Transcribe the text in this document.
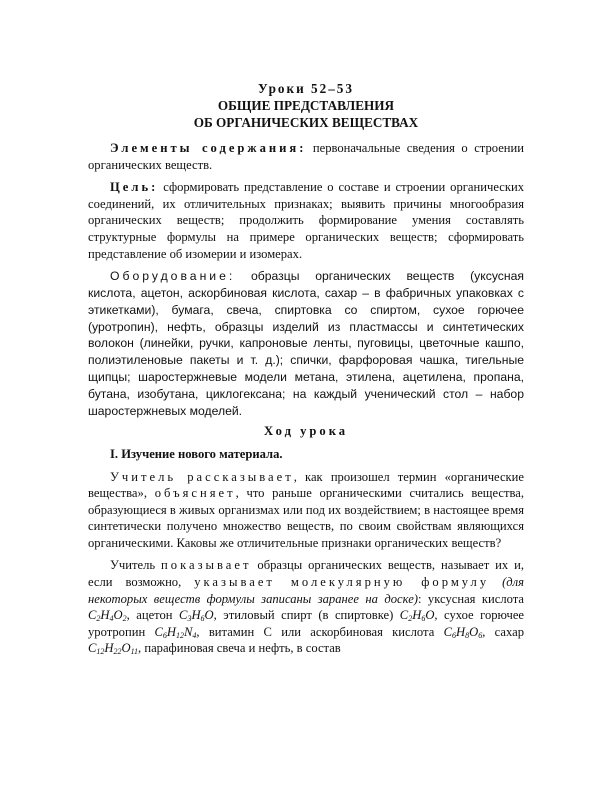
Уроки 52–53
ОБЩИЕ ПРЕДСТАВЛЕНИЯ
ОБ ОРГАНИЧЕСКИХ ВЕЩЕСТВАХ

Элементы содержания: первоначальные сведения о строении органических веществ.

Цель: сформировать представление о составе и строении органических соединений, их отличительных признаках; выявить причины многообразия органических веществ; продолжить формирование умения составлять структурные формулы на примере органических веществ; сформировать представление об изомерии и изомерах.

Оборудование: образцы органических веществ (уксусная кислота, ацетон, аскорбиновая кислота, сахар – в фабричных упаковках с этикетками), бумага, свеча, спиртовка со спиртом, сухое горючее (уротропин), нефть, образцы изделий из пластмассы и синтетических волокон (линейки, ручки, капроновые ленты, пуговицы, цветочные кашпо, полиэтиленовые пакеты и т. д.); спички, фарфоровая чашка, тигельные щипцы; шаростержневые модели метана, этилена, ацетилена, пропана, бутана, изобутана, циклогексана; на каждый ученический стол – набор шаростержневых моделей.

Ход урока

I. Изучение нового материала.

Учитель рассказывает, как произошел термин «органические вещества», объясняет, что раньше органическими считались вещества, образующиеся в живых организмах или под их воздействием; в настоящее время синтетически получено множество веществ, по своим свойствам являющихся органическими. Каковы же отличительные признаки органических веществ?

Учитель показывает образцы органических веществ, называет их и, если возможно, указывает молекулярную формулу (для некоторых веществ формулы записаны заранее на доске): уксусная кислота $C_2H_4O_2$, ацетон $C_3H_6O$, этиловый спирт (в спиртовке) $C_2H_6O$, сухое горючее уротропин $C_6H_{12}N_4$, витамин С или аскорбиновая кислота $C_6H_8O_6$, сахар $C_{12}H_{22}O_{11}$, парафиновая свеча и нефть, в состав
